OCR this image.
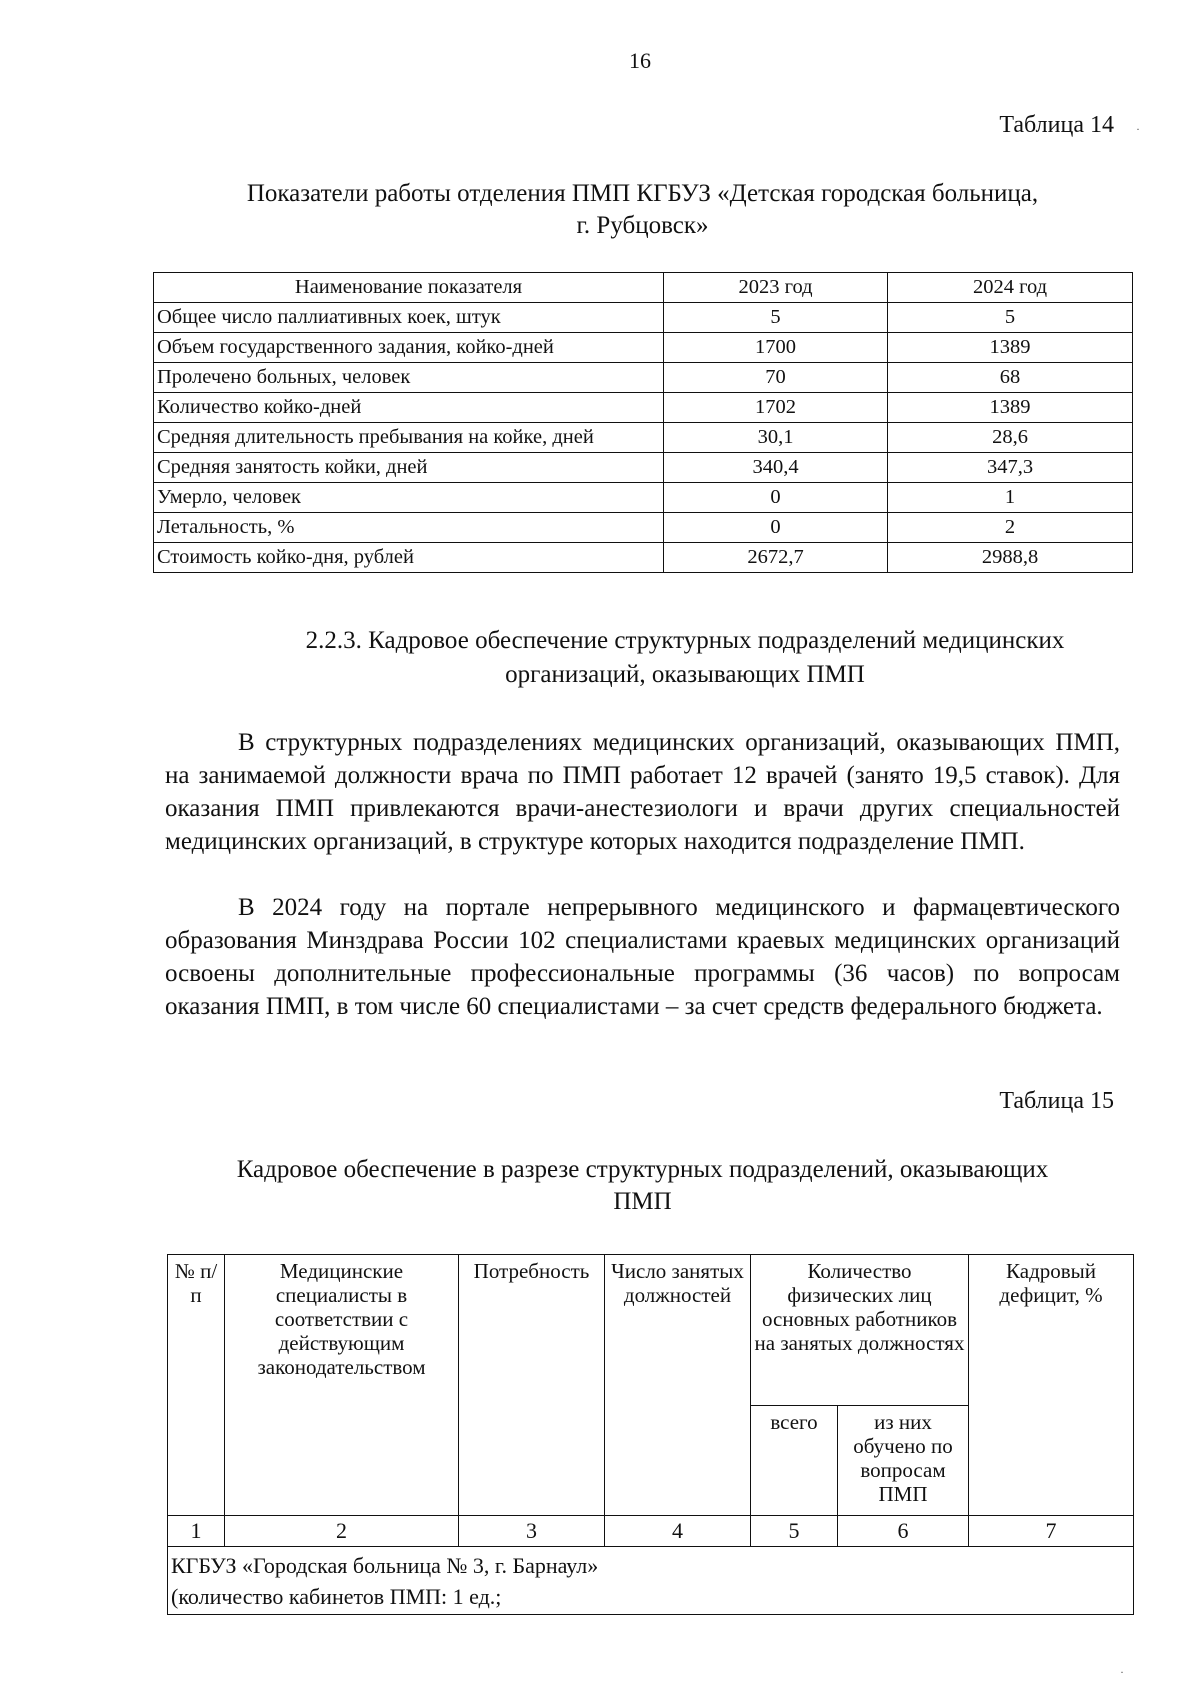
16
Таблица 14
Показатели работы отделения ПМП КГБУЗ «Детская городская больница,
г. Рубцовск»
Наименование показателя	2023 год	2024 год
Общее число паллиативных коек, штук	5	5
Объем государственного задания, койко-дней	1700	1389
Пролечено больных, человек	70	68
Количество койко-дней	1702	1389
Средняя длительность пребывания на койке, дней	30,1	28,6
Средняя занятость койки, дней	340,4	347,3
Умерло, человек	0	1
Летальность, %	0	2
Стоимость койко-дня, рублей	2672,7	2988,8
2.2.3. Кадровое обеспечение структурных подразделений медицинских
организаций, оказывающих ПМП

В структурных подразделениях медицинских организаций, оказывающих ПМП, на занимаемой должности врача по ПМП работает 12 врачей (занято 19,5 ставок). Для оказания ПМП привлекаются врачи-анестезиологи и врачи других специальностей медицинских организаций, в структуре которых находится подразделение ПМП.

В 2024 году на портале непрерывного медицинского и фармацевтического образования Минздрава России 102 специалистами краевых медицинских организаций освоены дополнительные профессиональные программы (36 часов) по вопросам оказания ПМП, в том числе 60 специалистами – за счет средств федерального бюджета.

Таблица 15
Кадровое обеспечение в разрезе структурных подразделений, оказывающих
ПМП
№ п/п	Медицинские специалисты в соответствии с действующим законодательством	Потребность	Число занятых должностей	Количество физических лиц основных работников на занятых должностях		Кадровый дефицит, %
				всего	из них обучено по вопросам ПМП	
1	2	3	4	5	6	7

КГБУЗ «Городская больница № 3, г. Барнаул»
(количество кабинетов ПМП: 1 ед.;						
·
·
